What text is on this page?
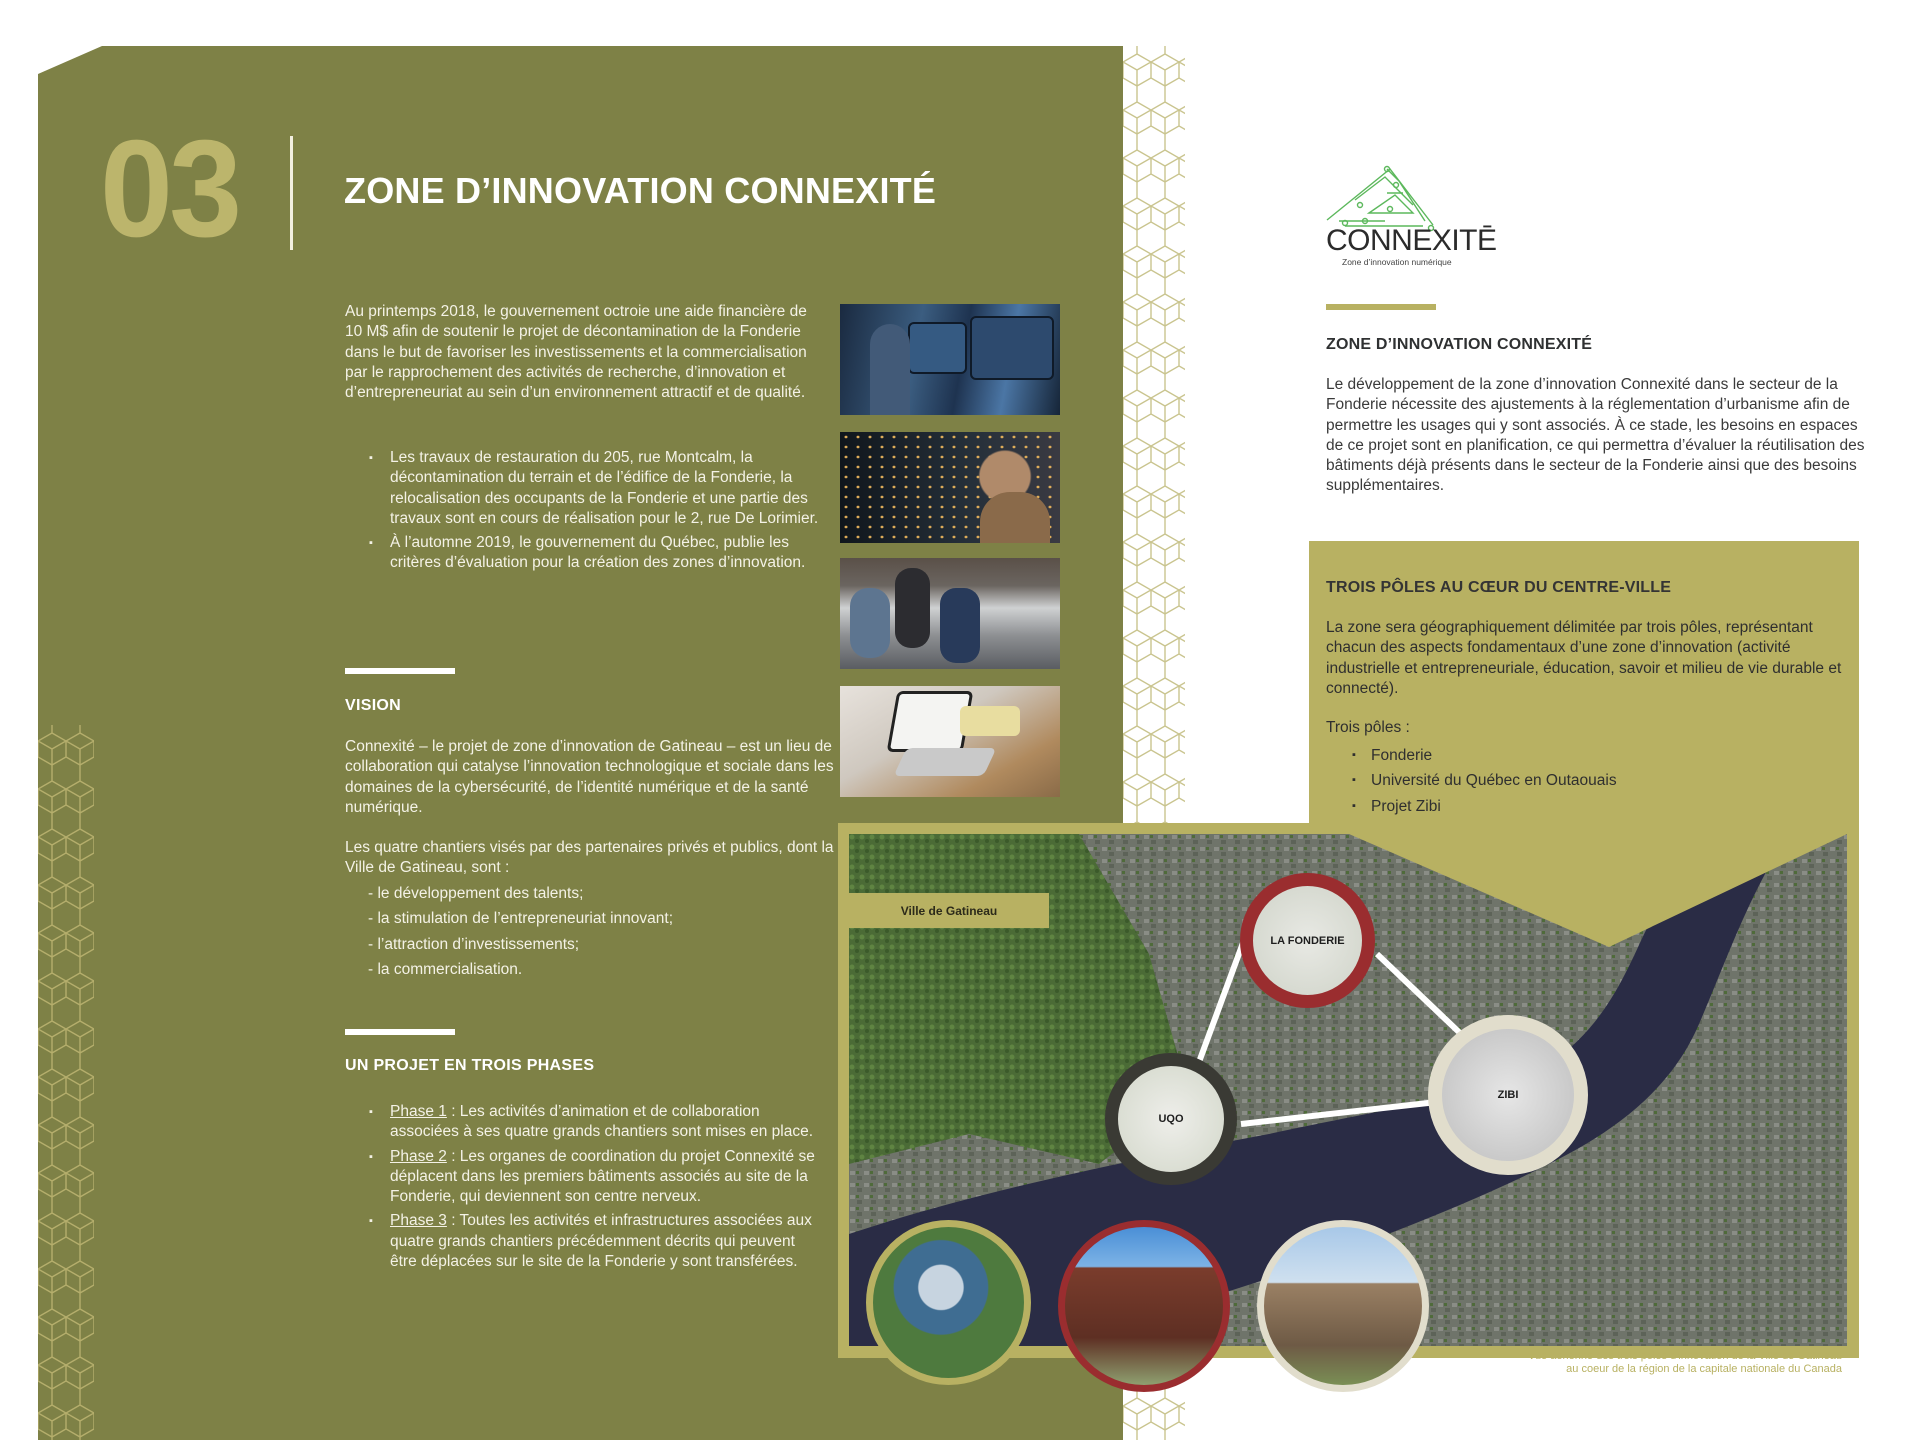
03	ZONE D’INNOVATION CONNEXITÉ
Au printemps 2018, le gouvernement octroie une aide financière de 10 M$ afin de soutenir le projet de décontamination de la Fonderie dans le but de favoriser les investissements et la commercialisation par le rapprochement des activités de recherche, d’innovation et d’entrepreneuriat au sein d’un environnement attractif et de qualité.
▪ Les travaux de restauration du 205, rue Montcalm, la décontamination du terrain et de l’édifice de la Fonderie, la relocalisation des occupants de la Fonderie et une partie des travaux sont en cours de réalisation pour le 2, rue De Lorimier.
▪ À l’automne 2019, le gouvernement du Québec, publie les critères d’évaluation pour la création des zones d’innovation.
VISION
Connexité – le projet de zone d’innovation de Gatineau – est un lieu de collaboration qui catalyse l’innovation technologique et sociale dans les domaines de la cybersécurité, de l’identité numérique et de la santé numérique.
Les quatre chantiers visés par des partenaires privés et publics, dont la Ville de Gatineau, sont :
- le développement des talents;
- la stimulation de l’entrepreneuriat innovant;
- l’attraction d’investissements;
- la commercialisation.
UN PROJET EN TROIS PHASES
▪ Phase 1 : Les activités d’animation et de collaboration associées à ses quatre grands chantiers sont mises en place.
▪ Phase 2 : Les organes de coordination du projet Connexité se déplacent dans les premiers bâtiments associés au site de la Fonderie, qui deviennent son centre nerveux.
▪ Phase 3 : Toutes les activités et infrastructures associées aux quatre grands chantiers précédemment décrits qui peuvent être déplacées sur le site de la Fonderie y sont transférées.
CONNEXITĒ
Zone d’innovation numérique
ZONE D’INNOVATION CONNEXITÉ
Le développement de la zone d’innovation Connexité dans le secteur de la Fonderie nécessite des ajustements à la réglementation d’urbanisme afin de permettre les usages qui y sont associés. À ce stade, les besoins en espaces de ce projet sont en planification, ce qui permettra d’évaluer la réutilisation des bâtiments déjà présents dans le secteur de la Fonderie ainsi que des besoins supplémentaires.
TROIS PÔLES AU CŒUR DU CENTRE-VILLE
La zone sera géographiquement délimitée par trois pôles, représentant chacun des aspects fondamentaux d’une zone d’innovation (activité industrielle et entrepreneuriale, éducation, savoir et milieu de vie durable et connecté).
Trois pôles :
▪ Fonderie
▪ Université du Québec en Outaouais
▪ Projet Zibi
Ville de Gatineau
LA FONDERIE
UQO
ZIBI
Vue aérienne des trois pôles d'innovation de la Ville de Gatineau
au coeur de la région de la capitale nationale du Canada
